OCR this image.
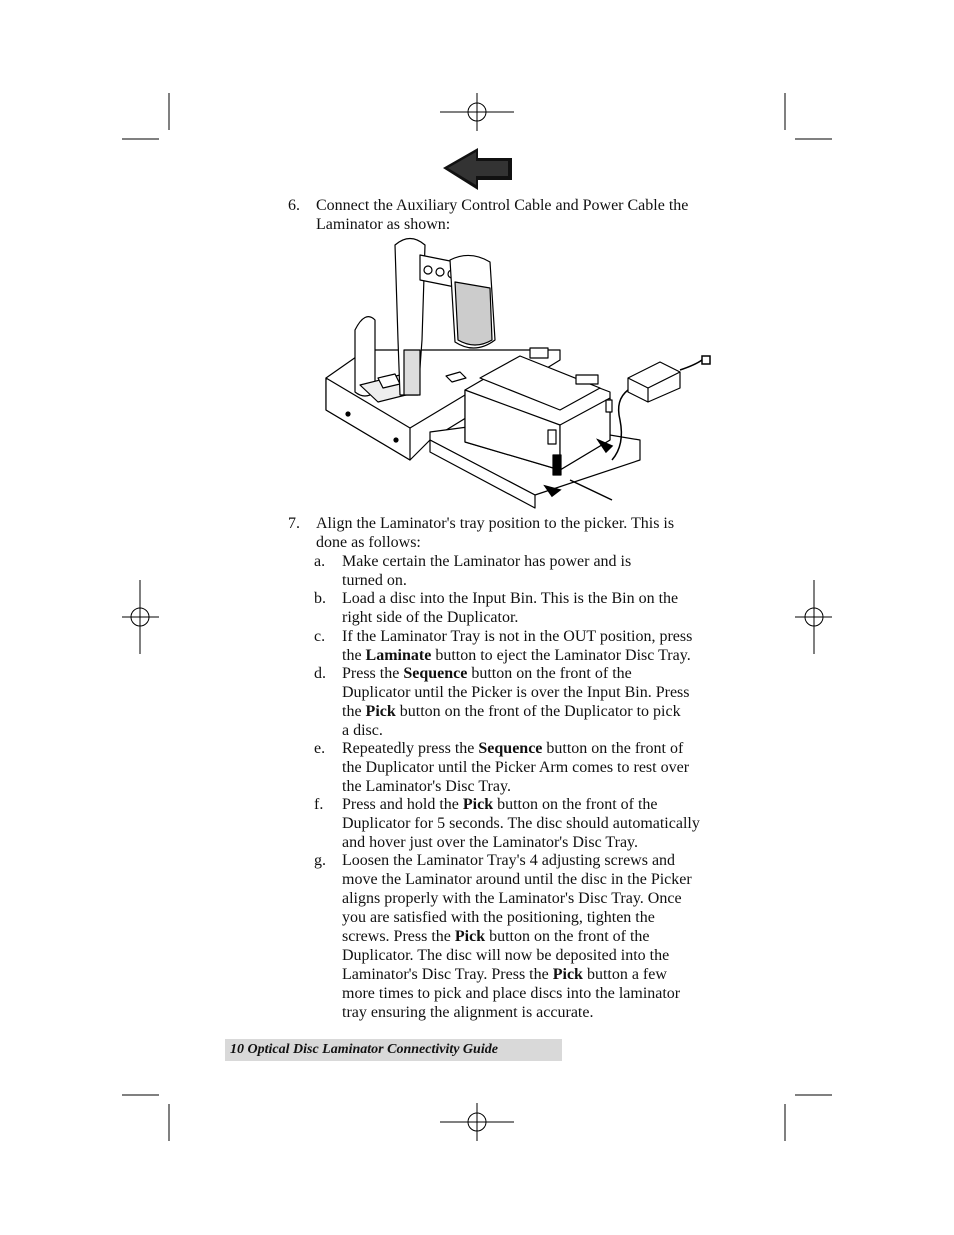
6. Connect the Auxiliary Control Cable and Power Cable the
Laminator as shown:
7. Align the Laminator's tray position to the picker. This is
done as follows:
a. Make certain the Laminator has power and is
turned on.
b. Load a disc into the Input Bin. This is the Bin on the
right side of the Duplicator.
c. If the Laminator Tray is not in the OUT position, press
the Laminate button to eject the Laminator Disc Tray.
d. Press the Sequence button on the front of the
Duplicator until the Picker is over the Input Bin. Press
the Pick button on the front of the Duplicator to pick
a disc.
e. Repeatedly press the Sequence button on the front of
the Duplicator until the Picker Arm comes to rest over
the Laminator's Disc Tray.
f. Press and hold the Pick button on the front of the
Duplicator for 5 seconds. The disc should automatically
and hover just over the Laminator's Disc Tray.
g. Loosen the Laminator Tray's 4 adjusting screws and
move the Laminator around until the disc in the Picker
aligns properly with the Laminator's Disc Tray. Once
you are satisfied with the positioning, tighten the
screws. Press the Pick button on the front of the
Duplicator. The disc will now be deposited into the
Laminator's Disc Tray. Press the Pick button a few
more times to pick and place discs into the laminator
tray ensuring the alignment is accurate.
10 Optical Disc Laminator Connectivity Guide
